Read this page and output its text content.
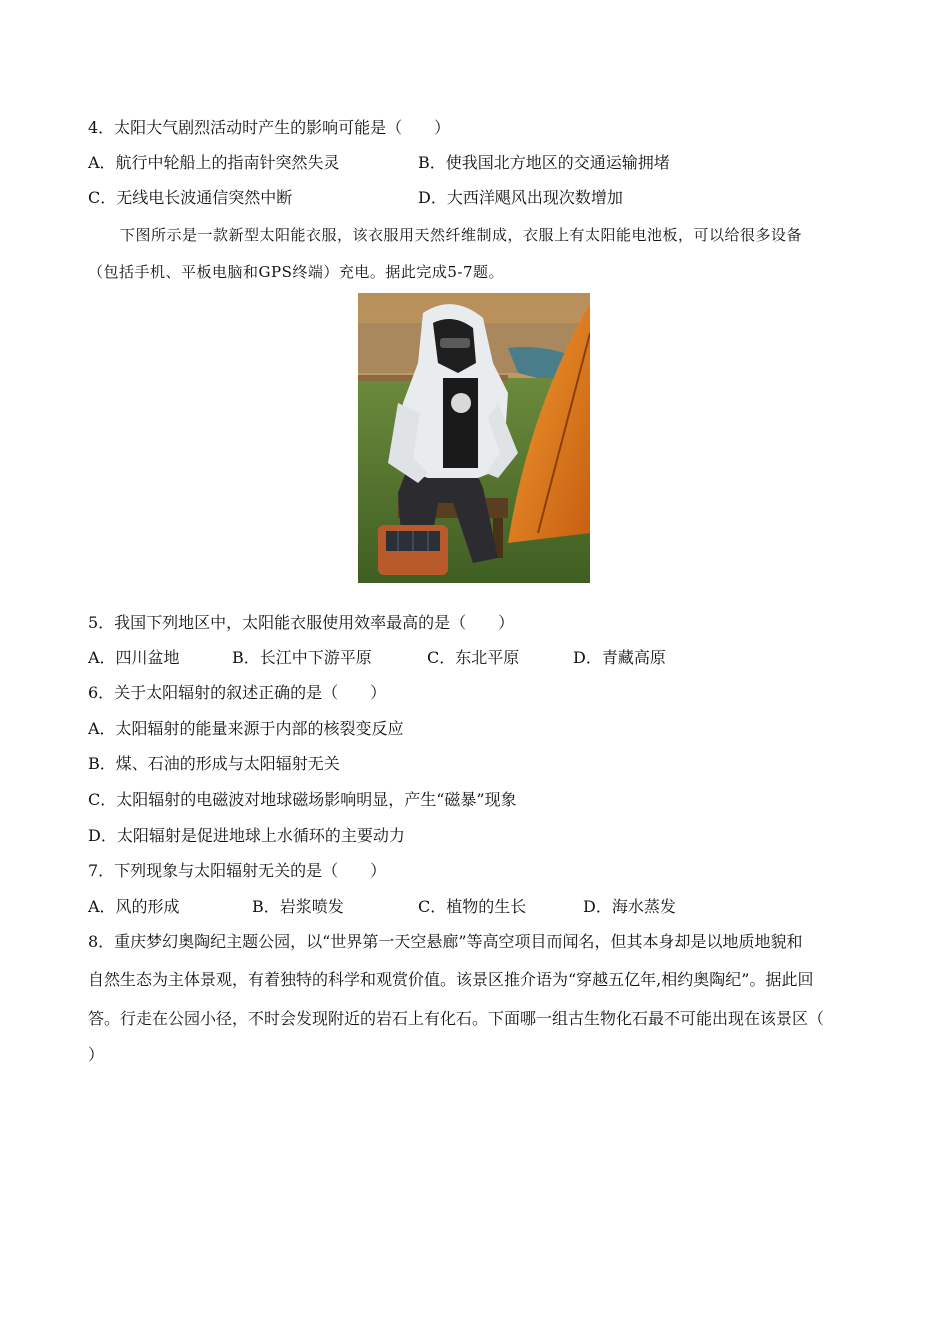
4．太阳大气剧烈活动时产生的影响可能是（　　）
A．航行中轮船上的指南针突然失灵	B．使我国北方地区的交通运输拥堵
C．无线电长波通信突然中断	D．大西洋飓风出现次数增加
下图所示是一款新型太阳能衣服，该衣服用天然纤维制成，衣服上有太阳能电池板，可以给很多设备
（包括手机、平板电脑和GPS终端）充电。据此完成5-7题。
5．我国下列地区中，太阳能衣服使用效率最高的是（　　）
A．四川盆地	B．长江中下游平原	C．东北平原	D．青藏高原
6．关于太阳辐射的叙述正确的是（　　）
A．太阳辐射的能量来源于内部的核裂变反应
B．煤、石油的形成与太阳辐射无关
C．太阳辐射的电磁波对地球磁场影响明显，产生“磁暴”现象
D．太阳辐射是促进地球上水循环的主要动力
7．下列现象与太阳辐射无关的是（　　）
A．风的形成	B．岩浆喷发	C．植物的生长	D．海水蒸发
8．重庆梦幻奥陶纪主题公园，以“世界第一天空悬廊”等高空项目而闻名，但其本身却是以地质地貌和
自然生态为主体景观，有着独特的科学和观赏价值。该景区推介语为“穿越五亿年,相约奥陶纪”。据此回
答。行走在公园小径，不时会发现附近的岩石上有化石。下面哪一组古生物化石最不可能出现在该景区（
）
